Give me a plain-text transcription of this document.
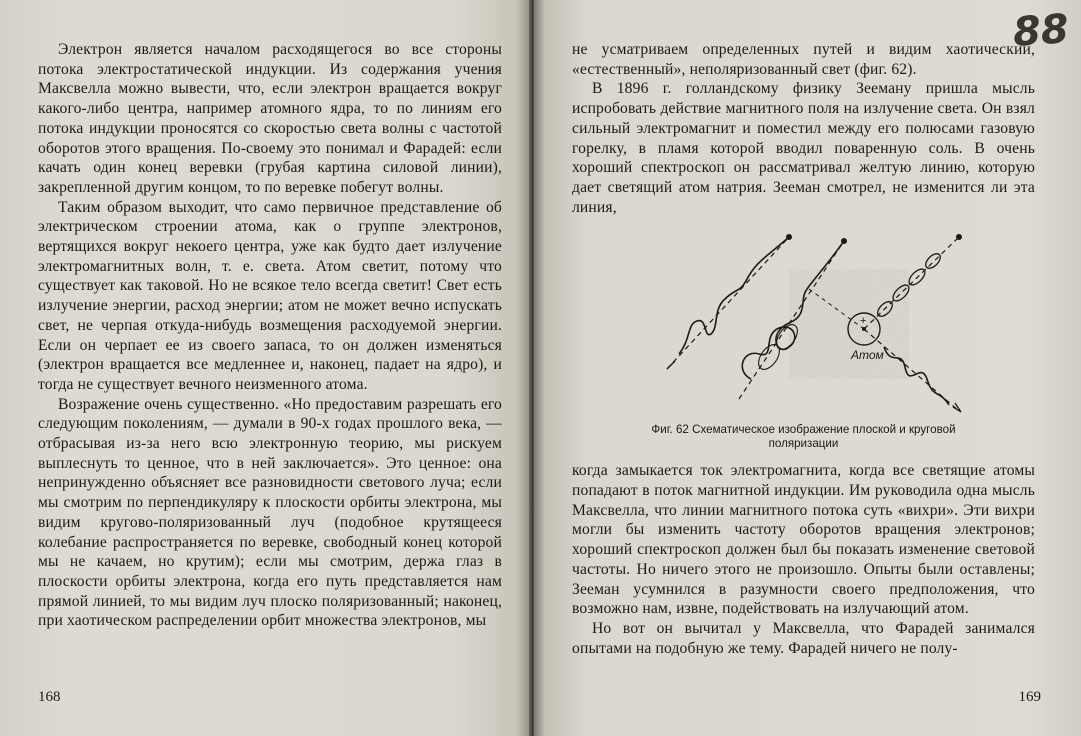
Электрон является началом расходящегося во все стороны потока электростатической индукции. Из содержания учения Максвелла можно вывести, что, если электрон вращается вокруг какого-либо центра, например атомного ядра, то по линиям его потока индукции проносятся со скоростью света волны с частотой оборотов этого вращения. По-своему это понимал и Фарадей: если качать один конец веревки (грубая картина силовой линии), закрепленной другим концом, то по веревке побегут волны.

Таким образом выходит, что само первичное представление об электрическом строении атома, как о группе электронов, вертящихся вокруг некоего центра, уже как будто дает излучение электромагнитных волн, т. е. света. Атом светит, потому что существует как таковой. Но не всякое тело всегда светит! Свет есть излучение энергии, расход энергии; атом не может вечно испускать свет, не черпая откуда-нибудь возмещения расходуемой энергии. Если он черпает ее из своего запаса, то он должен изменяться (электрон вращается все медленнее и, наконец, падает на ядро), и тогда не существует вечного неизменного атома.

Возражение очень существенно. «Но предоставим разрешать его следующим поколениям, — думали в 90-х годах прошлого века, — отбрасывая из-за него всю электронную теорию, мы рискуем выплеснуть то ценное, что в ней заключается». Это ценное: она непринужденно объясняет все разновидности светового луча; если мы смотрим по перпендикуляру к плоскости орбиты электрона, мы видим кругово-поляризованный луч (подобное крутящееся колебание распространяется по веревке, свободный конец которой мы не качаем, но крутим); если мы смотрим, держа глаз в плоскости орбиты электрона, когда его путь представляется нам прямой линией, то мы видим луч плоско поляризованный; наконец, при хаотическом распределении орбит множества электронов, мы

168
88

не усматриваем определенных путей и видим хаотический, «естественный», неполяризованный свет (фиг. 62).

В 1896 г. голландскому физику Зееману пришла мысль испробовать действие магнитного поля на излучение света. Он взял сильный электромагнит и поместил между его полюсами газовую горелку, в пламя которой вводил поваренную соль. В очень хороший спектроскоп он рассматривал желтую линию, которую дает светящий атом натрия. Зееман смотрел, не изменится ли эта линия,

+
Атом
Фиг. 62 Схематическое изображение плоской и круговой поляризации

когда замыкается ток электромагнита, когда все светящие атомы попадают в поток магнитной индукции. Им руководила одна мысль Максвелла, что линии магнитного потока суть «вихри». Эти вихри могли бы изменить частоту оборотов вращения электронов; хороший спектроскоп должен был бы показать изменение световой частоты. Но ничего этого не произошло. Опыты были оставлены; Зееман усумнился в разумности своего предположения, что возможно нам, извне, подействовать на излучающий атом.

Но вот он вычитал у Максвелла, что Фарадей занимался опытами на подобную же тему. Фарадей ничего не полу-

169
